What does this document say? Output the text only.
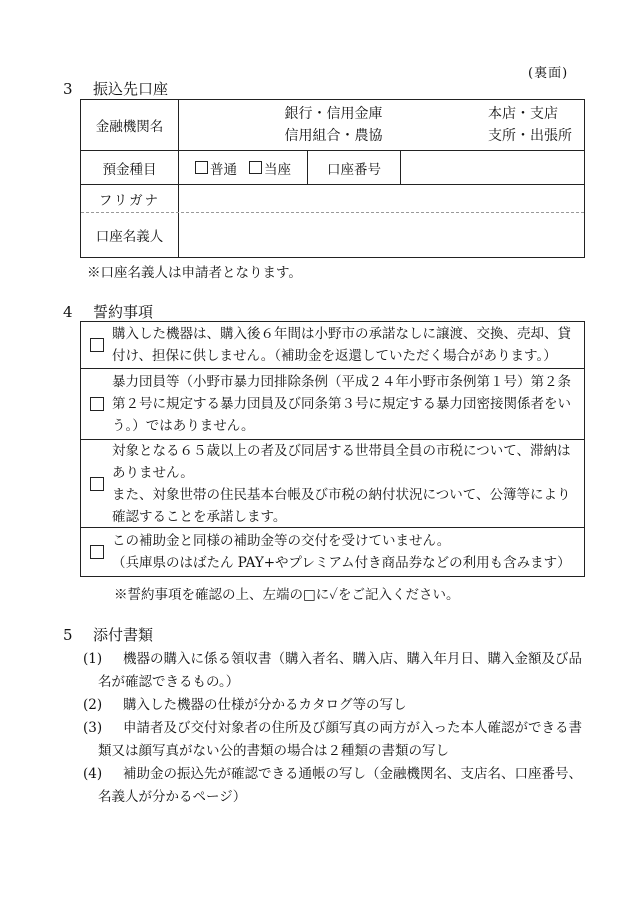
(裏面)
3 振込先口座
金融機関名
銀行・信用金庫
信用組合・農協
本店・支店
支所・出張所
預金種目	普通 当座	口座番号
フリガナ
口座名義人
※口座名義人は申請者となります。
4 誓約事項
購入した機器は、購入後６年間は小野市の承諾なしに譲渡、交換、売却、貸
付け、担保に供しません。（補助金を返還していただく場合があります。）
暴力団員等（小野市暴力団排除条例（平成２４年小野市条例第１号）第２条
第２号に規定する暴力団員及び同条第３号に規定する暴力団密接関係者をい
う。）ではありません。
対象となる６５歳以上の者及び同居する世帯員全員の市税について、滞納は
ありません。
また、対象世帯の住民基本台帳及び市税の納付状況について、公簿等により
確認することを承諾します。
この補助金と同様の補助金等の交付を受けていません。
（兵庫県のはばたん PAY+やプレミアム付き商品券などの利用も含みます）
※誓約事項を確認の上、左端の□に✓をご記入ください。
5 添付書類
(1) 機器の購入に係る領収書（購入者名、購入店、購入年月日、購入金額及び品
名が確認できるもの。）
(2) 購入した機器の仕様が分かるカタログ等の写し
(3) 申請者及び交付対象者の住所及び顔写真の両方が入った本人確認ができる書
類又は顔写真がない公的書類の場合は２種類の書類の写し
(4) 補助金の振込先が確認できる通帳の写し（金融機関名、支店名、口座番号、
名義人が分かるページ）
